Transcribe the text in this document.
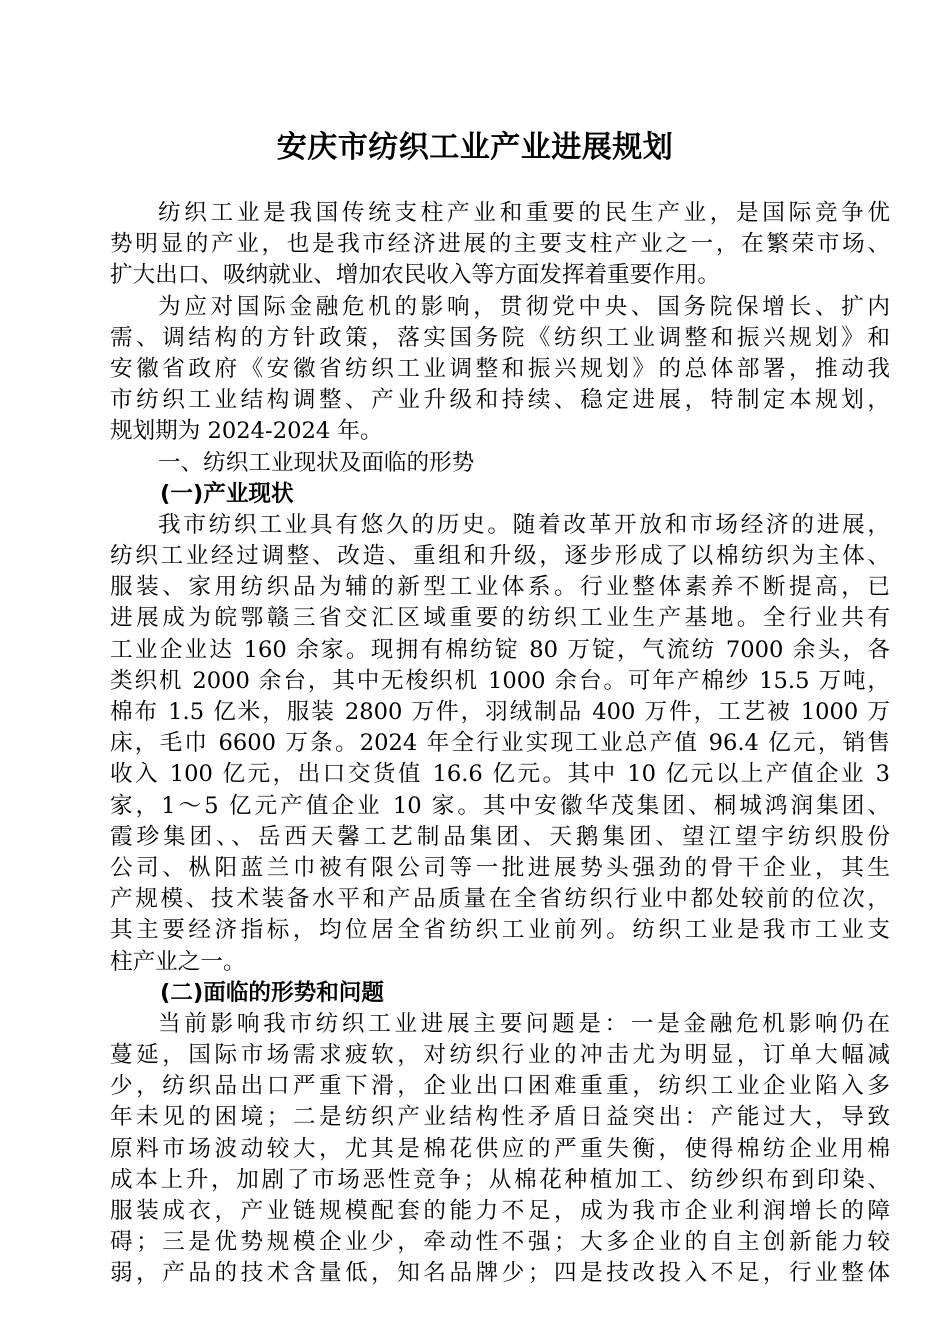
安庆市纺织工业产业进展规划
纺织工业是我国传统支柱产业和重要的民生产业，是国际竞争优
势明显的产业，也是我市经济进展的主要支柱产业之一，在繁荣市场、
扩大出口、吸纳就业、增加农民收入等方面发挥着重要作用。
为应对国际金融危机的影响，贯彻党中央、国务院保增长、扩内
需、调结构的方针政策，落实国务院《纺织工业调整和振兴规划》和
安徽省政府《安徽省纺织工业调整和振兴规划》的总体部署，推动我
市纺织工业结构调整、产业升级和持续、稳定进展，特制定本规划，
规划期为 2024-2024 年。
一、纺织工业现状及面临的形势
(一)产业现状
我市纺织工业具有悠久的历史。随着改革开放和市场经济的进展，
纺织工业经过调整、改造、重组和升级，逐步形成了以棉纺织为主体、
服装、家用纺织品为辅的新型工业体系。行业整体素养不断提高，已
进展成为皖鄂赣三省交汇区域重要的纺织工业生产基地。全行业共有
工业企业达 160 余家。现拥有棉纺锭 80 万锭，气流纺 7000 余头，各
类织机 2000 余台，其中无梭织机 1000 余台。可年产棉纱 15.5 万吨，
棉布 1.5 亿米，服装 2800 万件，羽绒制品 400 万件，工艺被 1000 万
床，毛巾 6600 万条。2024 年全行业实现工业总产值 96.4 亿元，销售
收入 100 亿元，出口交货值 16.6 亿元。其中 10 亿元以上产值企业 3
家，1～5 亿元产值企业 10 家。其中安徽华茂集团、桐城鸿润集团、
霞珍集团、、岳西天馨工艺制品集团、天鹅集团、望江望宇纺织股份
公司、枞阳蓝兰巾被有限公司等一批进展势头强劲的骨干企业，其生
产规模、技术装备水平和产品质量在全省纺织行业中都处较前的位次，
其主要经济指标，均位居全省纺织工业前列。纺织工业是我市工业支
柱产业之一。
(二)面临的形势和问题
当前影响我市纺织工业进展主要问题是：一是金融危机影响仍在
蔓延，国际市场需求疲软，对纺织行业的冲击尤为明显，订单大幅减
少，纺织品出口严重下滑，企业出口困难重重，纺织工业企业陷入多
年未见的困境；二是纺织产业结构性矛盾日益突出：产能过大，导致
原料市场波动较大，尤其是棉花供应的严重失衡，使得棉纺企业用棉
成本上升，加剧了市场恶性竞争；从棉花种植加工、纺纱织布到印染、
服装成衣，产业链规模配套的能力不足，成为我市企业利润增长的障
碍；三是优势规模企业少，牵动性不强；大多企业的自主创新能力较
弱，产品的技术含量低，知名品牌少；四是技改投入不足，行业整体
